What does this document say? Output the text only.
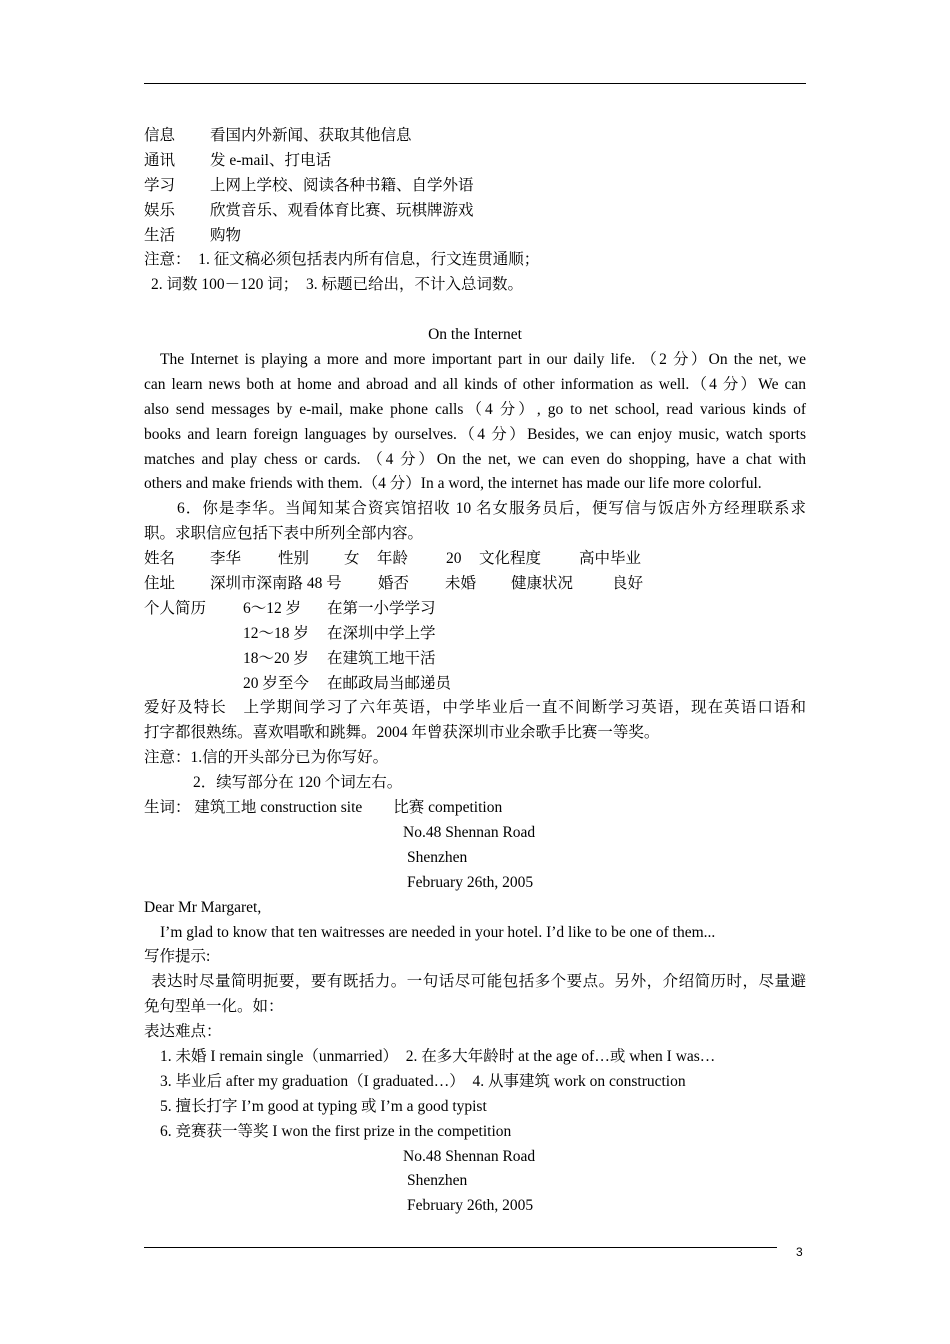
信息 看国内外新闻、获取其他信息
通讯 发 e-mail、打电话
学习 上网上学校、阅读各种书籍、自学外语
娱乐 欣赏音乐、观看体育比赛、玩棋牌游戏
生活 购物
注意：　1. 征文稿必须包括表内所有信息，行文连贯通顺；
2. 词数 100－120 词；　3. 标题已给出，不计入总词数。
On the Internet
The Internet is playing a more and more important part in our daily life. （2 分）On the net, we
can learn news both at home and abroad and all kinds of other information as well.（4 分）We can
also send messages by e-mail, make phone calls（4 分）, go to net school, read various kinds of
books and learn foreign languages by ourselves.（4 分）Besides, we can enjoy music, watch sports
matches and play chess or cards. （4 分）On the net, we can even do shopping, have a chat with
others and make friends with them.（4 分）In a word, the internet has made our life more colorful.
6．你是李华。当闻知某合资宾馆招收 10 名女服务员后，便写信与饭店外方经理联系求
职。求职信应包括下表中所列全部内容。
姓名 李华 性别 女 年龄 20 文化程度 高中毕业
住址 深圳市深南路 48 号 婚否 未婚 健康状况	良好
个人简历 6～12 岁 在第一小学学习
12～18 岁 在深圳中学上学
18～20 岁 在建筑工地干活
20 岁至今 在邮政局当邮递员
爱好及特长　上学期间学习了六年英语，中学毕业后一直不间断学习英语，现在英语口语和
打字都很熟练。喜欢唱歌和跳舞。2004 年曾获深圳市业余歌手比赛一等奖。
注意：1.信的开头部分已为你写好。
2．续写部分在 120 个词左右。
生词： 建筑工地 construction site　　比赛 competition
No.48 Shennan Road
Shenzhen
February 26th, 2005
Dear Mr Margaret,
I’m glad to know that ten waitresses are needed in your hotel. I’d like to be one of them...
写作提示:
表达时尽量简明扼要，要有既括力。一句话尽可能包括多个要点。另外，介绍简历时，尽量避
免句型单一化。如：
表达难点：
1. 未婚 I remain single（unmarried）　2. 在多大年龄时 at the age of…或 when I was…
3. 毕业后 after my graduation（I graduated…）　4. 从事建筑 work on construction
5. 擅长打字 I’m good at typing 或 I’m a good typist
6. 竞赛获一等奖 I won the first prize in the competition
No.48 Shennan Road
Shenzhen
February 26th, 2005
3
